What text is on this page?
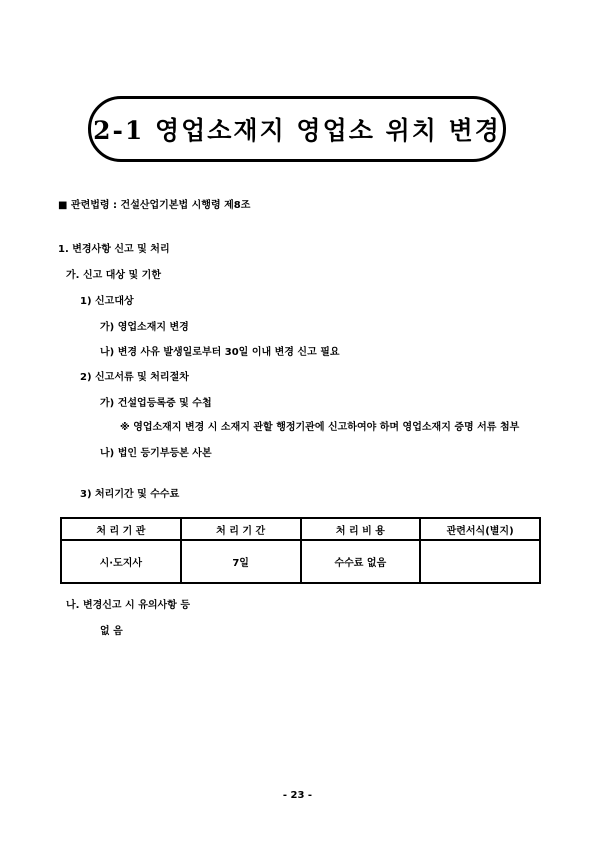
2-1 영업소재지 영업소 위치 변경
■ 관련법령 : 건설산업기본법 시행령 제8조
1. 변경사항 신고 및 처리
가. 신고 대상 및 기한
1) 신고대상
가) 영업소재지 변경
나) 변경 사유 발생일로부터 30일 이내 변경 신고 필요
2) 신고서류 및 처리절차
가) 건설업등록증 및 수첩
※ 영업소재지 변경 시 소재지 관할 행정기관에 신고하여야 하며 영업소재지 증명 서류 첨부
나) 법인 등기부등본 사본
3) 처리기간 및 수수료
처 리 기 관	처 리 기 간	처 리 비 용	관련서식(별지)
시·도지사	7일	수수료 없음	
나. 변경신고 시 유의사항 등
없 음
- 23 -
